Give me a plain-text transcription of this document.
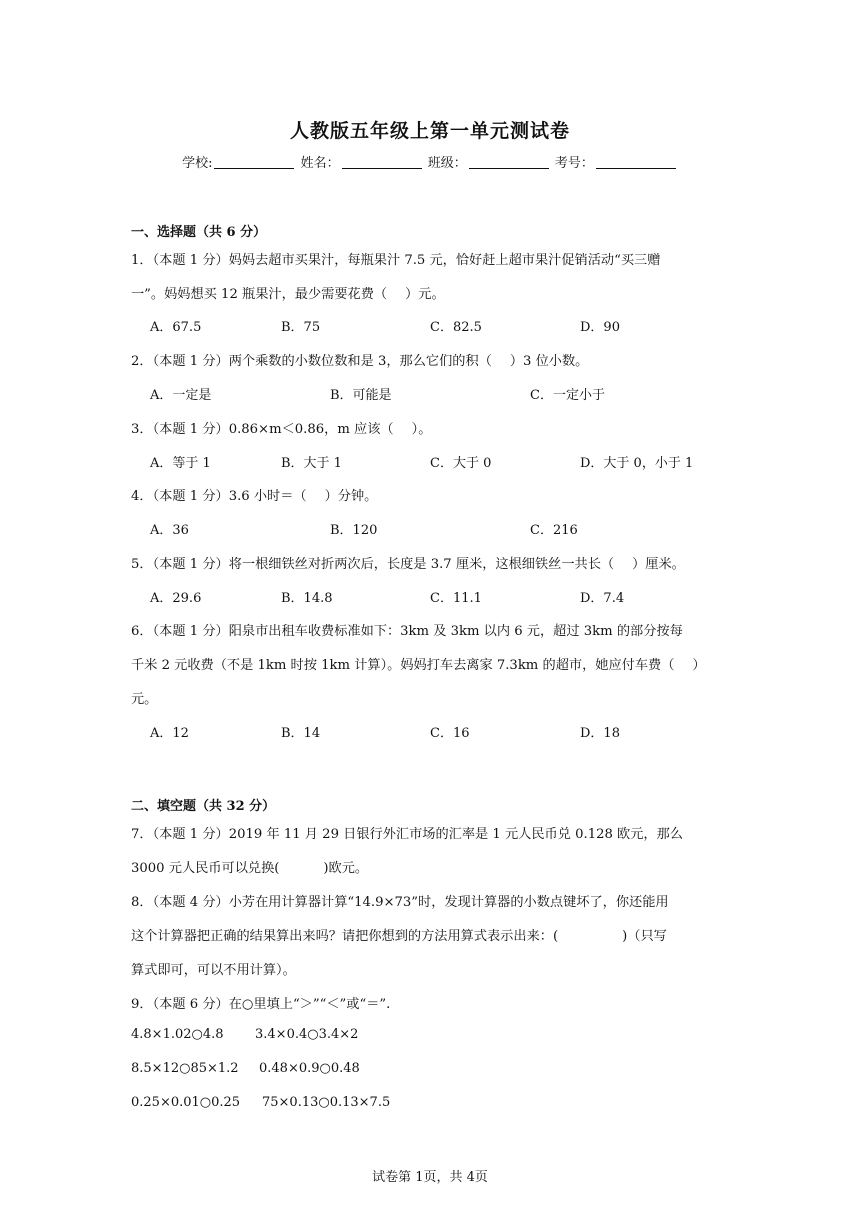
人教版五年级上第一单元测试卷
学校:	姓名：	班级：	考号：
一、选择题（共 6 分）
1．（本题 1 分）妈妈去超市买果汁，每瓶果汁 7.5 元，恰好赶上超市果汁促销活动“买三赠
一”。妈妈想买 12 瓶果汁，最少需要花费（ ）元。
A．67.5	B．75	C．82.5	D．90
2．（本题 1 分）两个乘数的小数位数和是 3，那么它们的积（ ）3 位小数。
A．一定是	B．可能是	C．一定小于
3．（本题 1 分）0.86×m＜0.86，m 应该（ ）。
A．等于 1	B．大于 1	C．大于 0	D．大于 0，小于 1
4．（本题 1 分）3.6 小时＝（ ）分钟。
A．36	B．120	C．216
5．（本题 1 分）将一根细铁丝对折两次后，长度是 3.7 厘米，这根细铁丝一共长（ ）厘米。
A．29.6	B．14.8	C．11.1	D．7.4
6．（本题 1 分）阳泉市出租车收费标准如下：3km 及 3km 以内 6 元，超过 3km 的部分按每
千米 2 元收费（不是 1km 时按 1km 计算）。妈妈打车去离家 7.3km 的超市，她应付车费（ ）
元。
A．12	B．14	C．16	D．18
二、填空题（共 32 分）
7．（本题 1 分）2019 年 11 月 29 日银行外汇市场的汇率是 1 元人民币兑 0.128 欧元，那么
3000 元人民币可以兑换(	)欧元。
8．（本题 4 分）小芳在用计算器计算“14.9×73”时，发现计算器的小数点键坏了，你还能用
这个计算器把正确的结果算出来吗？请把你想到的方法用算式表示出来：(	)（只写
算式即可，可以不用计算）。
9．（本题 6 分）在○里填上“＞”“＜”或“＝”.
4.8×1.02○4.8 3.4×0.4○3.4×2
8.5×12○85×1.2 0.48×0.9○0.48
0.25×0.01○0.25 75×0.13○0.13×7.5
试卷第 1页，共 4页
